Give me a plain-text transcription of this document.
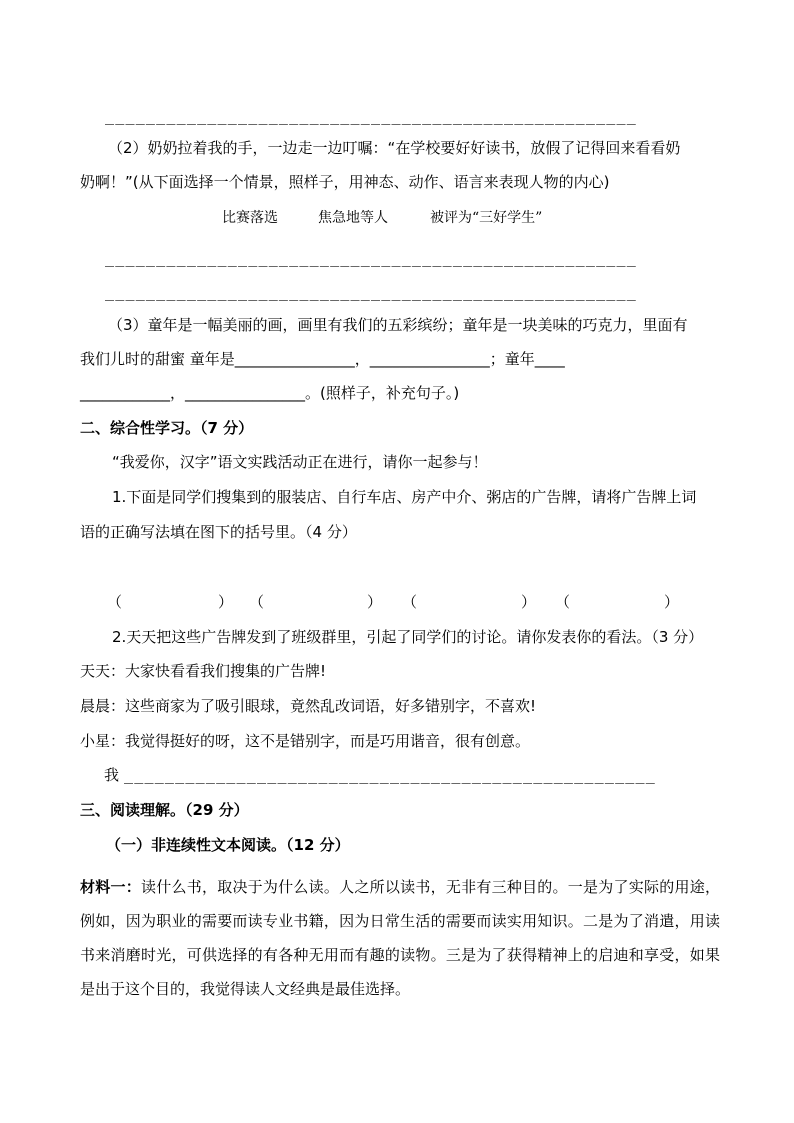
____________________________________________________
（2）奶奶拉着我的手，一边走一边叮嘱：“在学校要好好读书，放假了记得回来看看奶
奶啊！”(从下面选择一个情景，照样子，用神态、动作、语言来表现人物的内心)
比赛落选	焦急地等人	被评为“三好学生”
____________________________________________________
____________________________________________________
（3）童年是一幅美丽的画，画里有我们的五彩缤纷；童年是一块美味的巧克力，里面有
我们儿时的甜蜜 童年是________________，________________；童年____
____________，________________。(照样子，补充句子。)
二、综合性学习。（7 分）
“我爱你，汉字”语文实践活动正在进行，请你一起参与！
1.下面是同学们搜集到的服装店、自行车店、房产中介、粥店的广告牌，请将广告牌上词
语的正确写法填在图下的括号里。（4 分）
（	） （	） （	） （	）
2.天天把这些广告牌发到了班级群里，引起了同学们的讨论。请你发表你的看法。（3 分）
天天：大家快看看我们搜集的广告牌!
晨晨：这些商家为了吸引眼球，竟然乱改词语，好多错别字，不喜欢!
小星：我觉得挺好的呀，这不是错别字，而是巧用谐音，很有创意。
我 ____________________________________________________
三、阅读理解。（29 分）
（一）非连续性文本阅读。（12 分）
材料一：读什么书，取决于为什么读。人之所以读书，无非有三种目的。一是为了实际的用途，例如，因为职业的需要而读专业书籍，因为日常生活的需要而读实用知识。二是为了消遣，用读书来消磨时光，可供选择的有各种无用而有趣的读物。三是为了获得精神上的启迪和享受，如果是出于这个目的，我觉得读人文经典是最佳选择。
